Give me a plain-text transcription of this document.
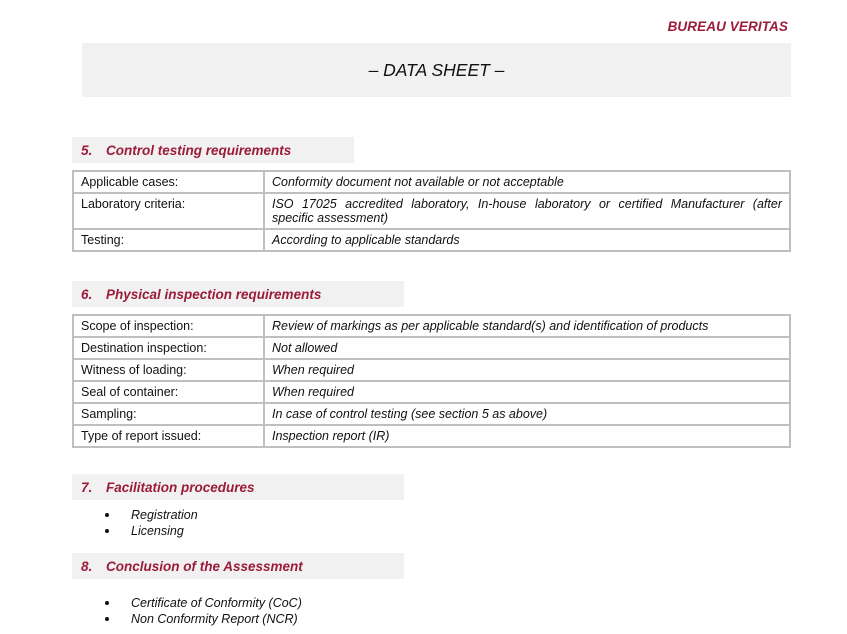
BUREAU VERITAS
– DATA SHEET –
5.	Control testing requirements
Applicable cases:	Conformity document not available or not acceptable
Laboratory criteria:	ISO 17025 accredited laboratory, In-house laboratory or certified Manufacturer (after specific assessment)
Testing:	According to applicable standards
6.	Physical inspection requirements
Scope of inspection:	Review of markings as per applicable standard(s) and identification of products
Destination inspection:	Not allowed
Witness of loading:	When required
Seal of container:	When required
Sampling:	In case of control testing (see section 5 as above)
Type of report issued:	Inspection report (IR)
7.	Facilitation procedures
Registration
Licensing
8.	Conclusion of the Assessment
Certificate of Conformity (CoC)
Non Conformity Report (NCR)
